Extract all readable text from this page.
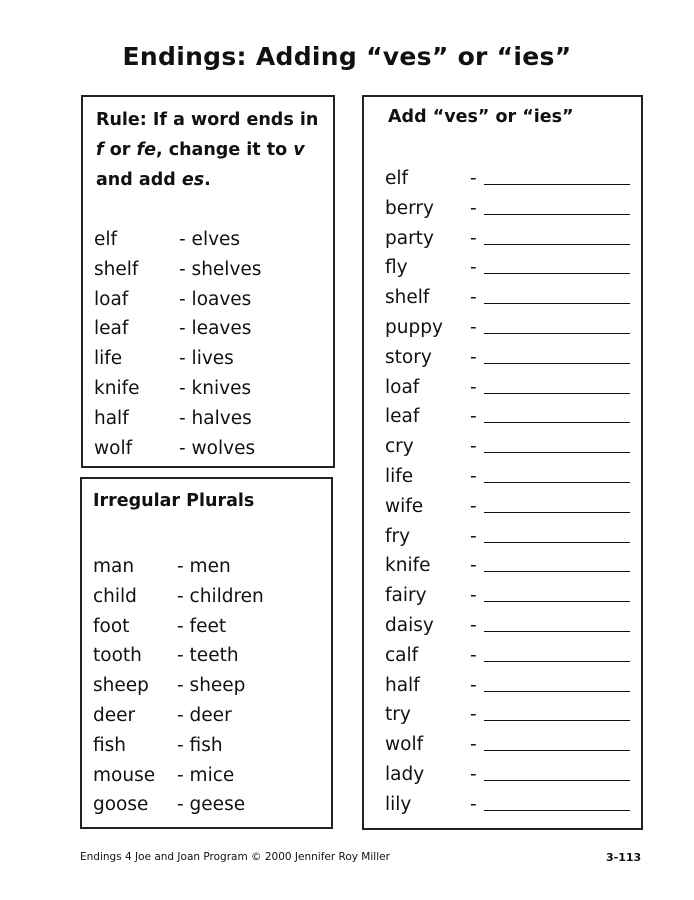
Endings: Adding “ves” or “ies”
Rule: If a word ends in
f or fe, change it to v
and add es.
elf	- elves
shelf - shelves
loaf	- loaves
leaf	- leaves
life	- lives
knife - knives
half	- halves
wolf	- wolves
Irregular Plurals
man - men
child - children
foot	- feet
tooth - teeth
sheep - sheep
deer - deer
fish	- fish
mouse - mice
goose - geese
Add “ves” or “ies”
elf	-
berry -
party -
fly	-
shelf -
puppy -
story -
loaf	-
leaf	-
cry	-
life	-
wife	-
fry	-
knife -
fairy -
daisy -
calf	-
half	-
try	-
wolf	-
lady -
lily	-
Endings 4 Joe and Joan Program © 2000 Jennifer Roy Miller	3-113
